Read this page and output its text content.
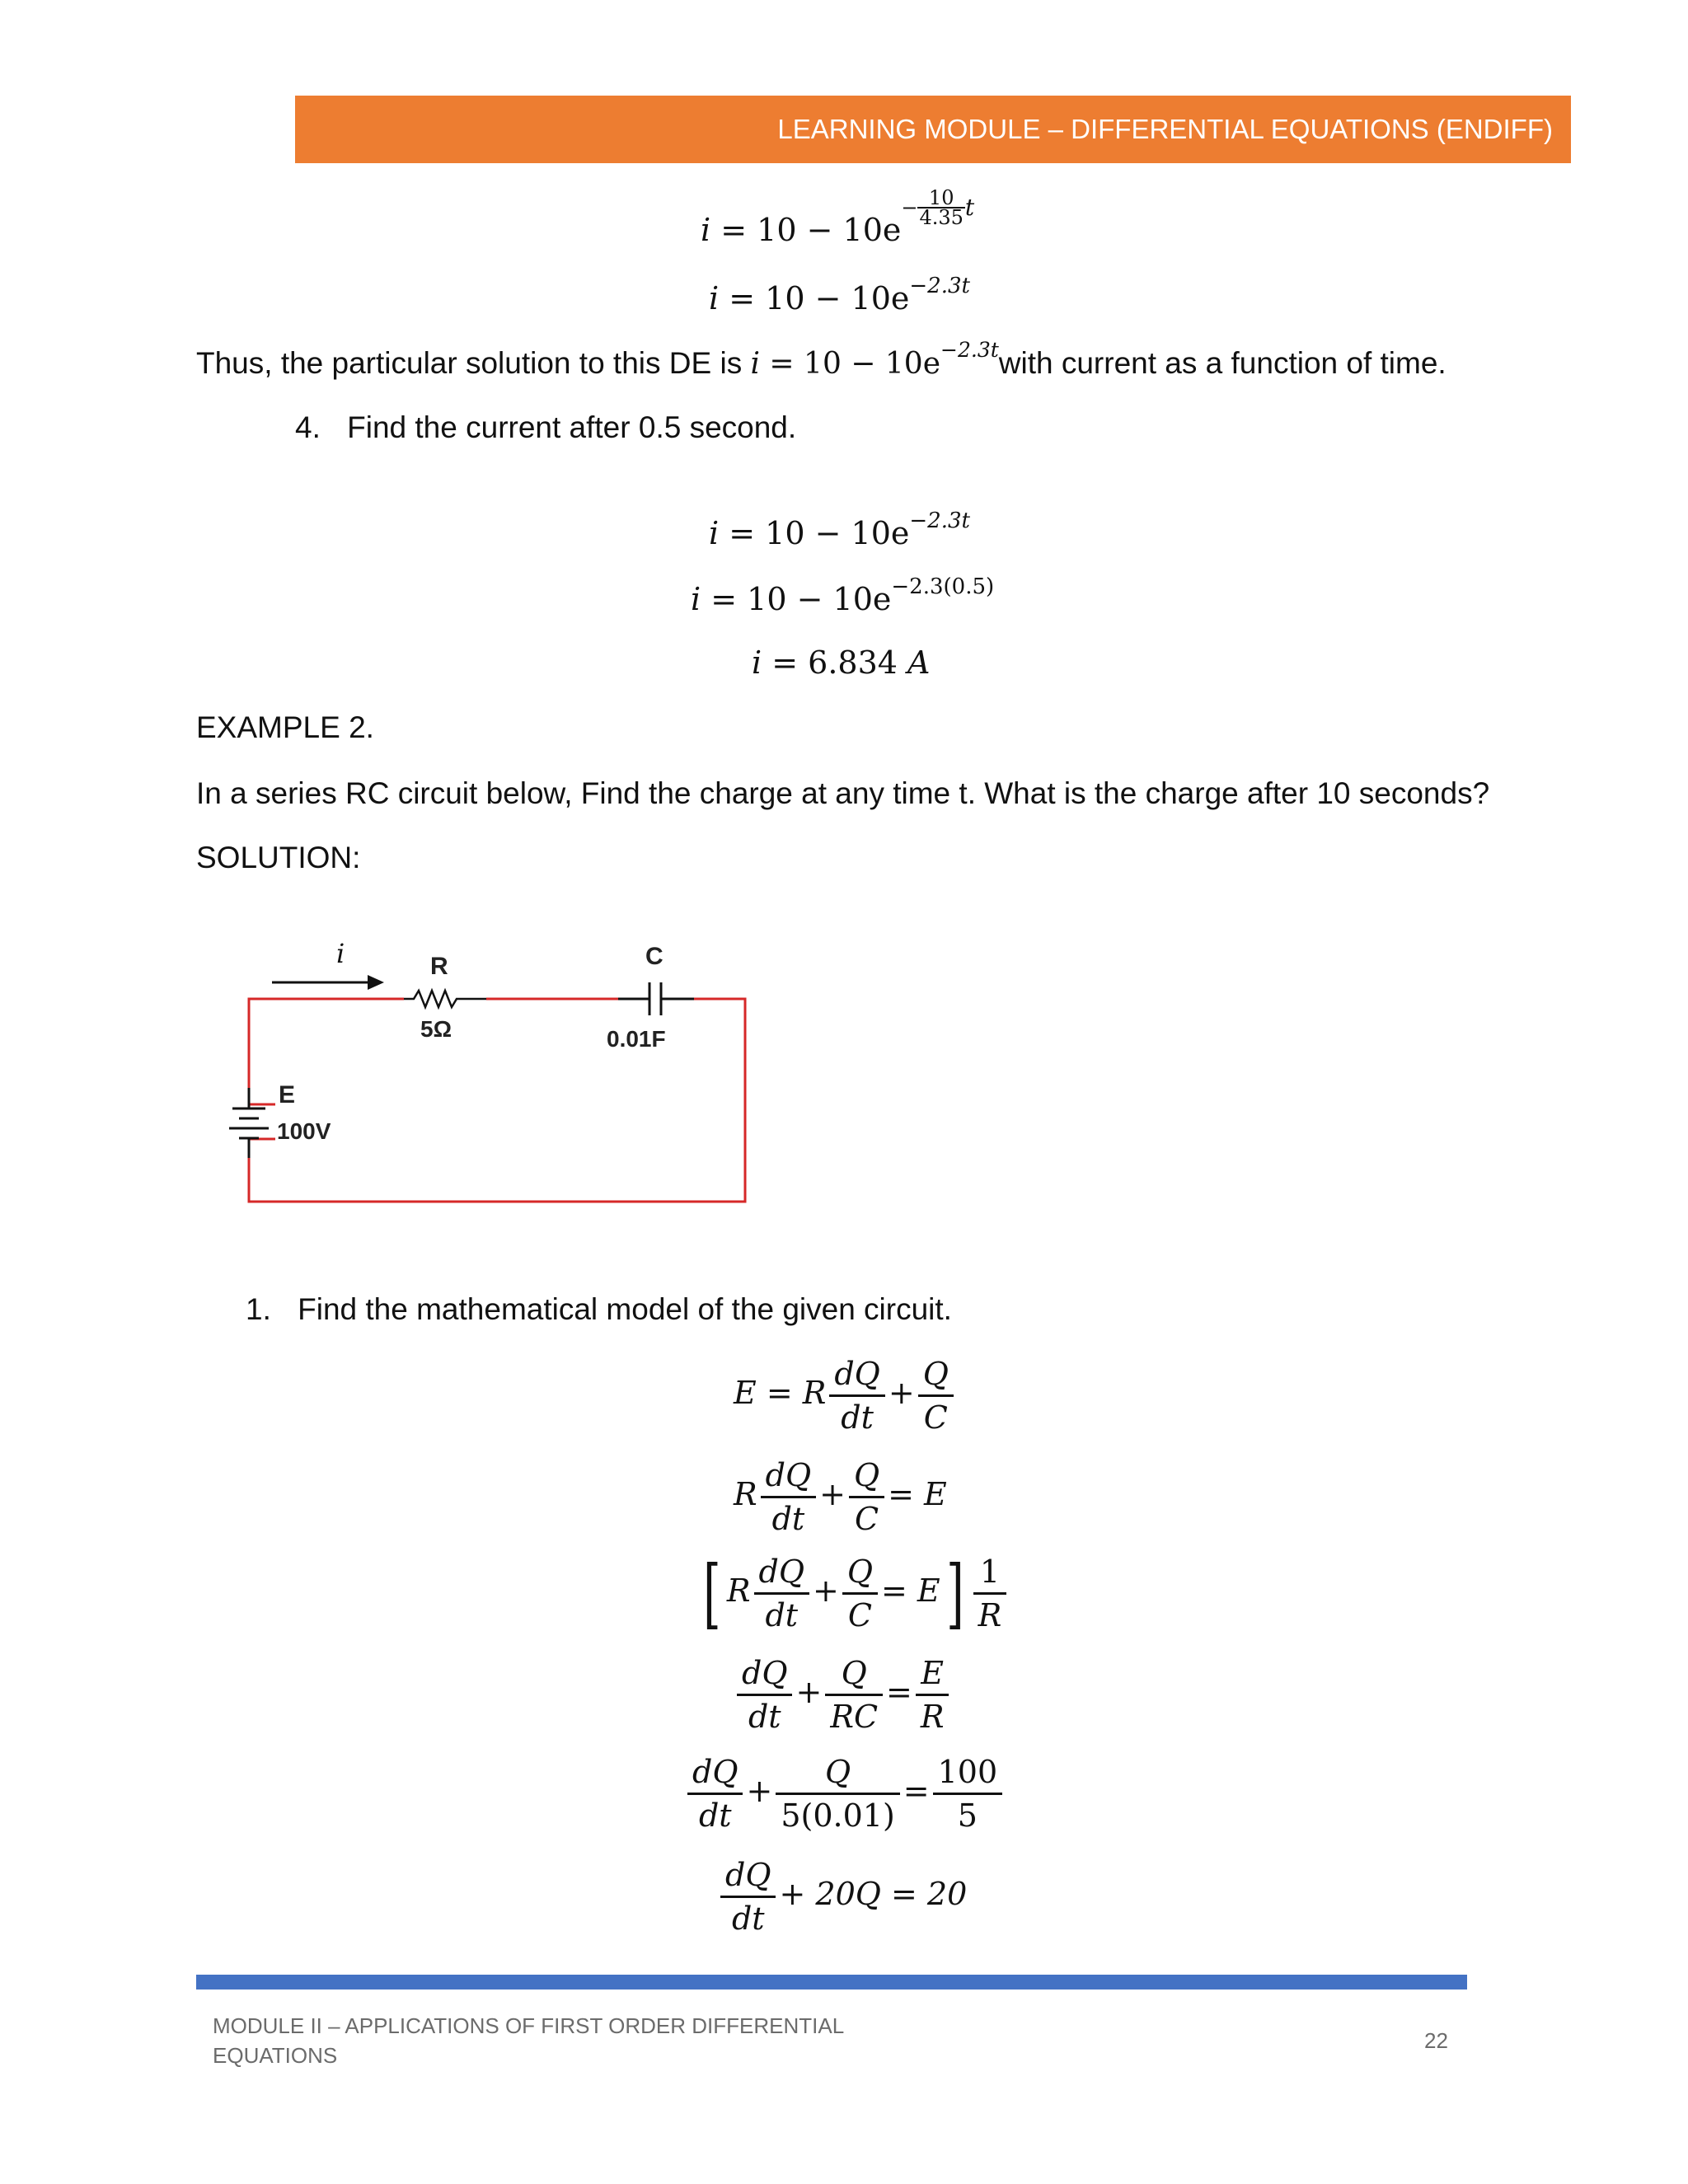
LEARNING MODULE – DIFFERENTIAL EQUATIONS (ENDIFF)
$i = 10 - 10e- \frac{10}{4.35}$ t
$i = 10 - 10e^{-2.3t}$
Thus, the particular solution to this DE is $i = 10 - 10e^{-2.3t}with$ current as a function of time.
4. Find the current after 0.5 second.
$i = 10 - 10e^{-2.3t}$
$i = 10 - 10e^{-2.3(0.5)}$
i = 6.834 A
EXAMPLE 2.
In a series RC circuit below, Find the charge at any time t. What is the charge after 10 seconds?
SOLUTION:
i	R
5Ω
C
0.01F
E
100V
1. Find the mathematical model of the given circuit.
E = R $\frac{dQ}{dt} + \frac{Q}{C}$
R $\frac{dQ}{dt} + \frac{Q}{C} = E$
[ R $\frac{dQ}{dt} + \frac{Q}{C} = E] \frac{1}{R}$
$\frac{dQ}{dt} + \frac{Q}{RC} = \frac{E}{R}$
$\frac{dQ}{dt} + \frac{Q}{5(0.01)} = \frac{100}{5}$
$\frac{dQ}{dt} + 20Q = 20$
MODULE II – APPLICATIONS OF FIRST ORDER DIFFERENTIAL
EQUATIONS
22
